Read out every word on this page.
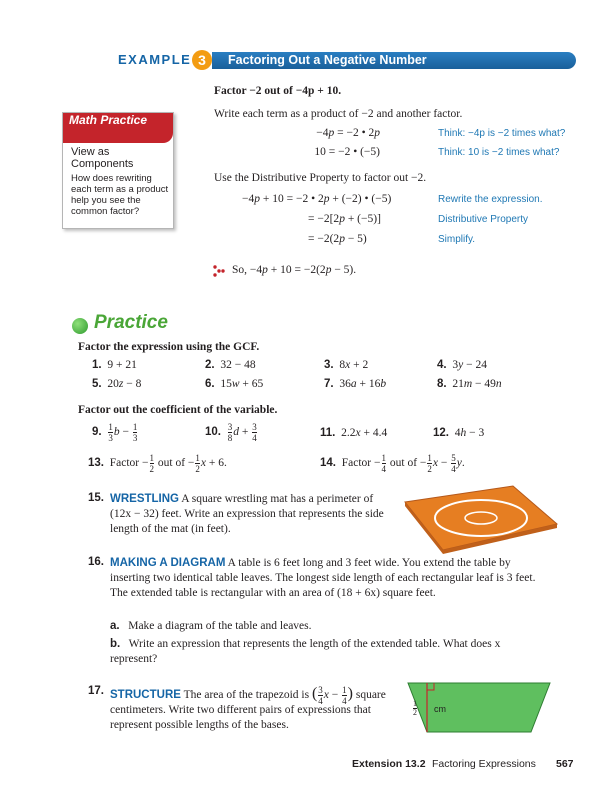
EXAMPLE 3	Factoring Out a Negative Number
Factor −2 out of −4p + 10.
Write each term as a product of −2 and another factor.
−4p = −2 • 2p	Think: −4p is −2 times what?
10 = −2 • (−5)	Think: 10 is −2 times what?
Use the Distributive Property to factor out −2.
−4p + 10 = −2 • 2p + (−2) • (−5)	Rewrite the expression.
= −2[2p + (−5)]	Distributive Property
= −2(2p − 5)	Simplify.
So, −4p + 10 = −2(2p − 5).
Math Practice
View as Components
How does rewriting each term as a product help you see the common factor?
Practice
Factor the expression using the GCF.
1. 9 + 21	2. 32 − 48	3.  8x + 2	4.  3y − 24
5.  20z − 8	6.  15w + 65	7.  36a + 16b	8.  21m − 49n
Factor out the coefficient of the variable.
9. $\frac{1}{3}$ $b - \frac{1}{3}$	10. $\frac{3}{8}$ $d + \frac{3}{4}$	11.  2.2x + 4.4	12.  4h − 3
13.  Factor − $\frac{1}{2}$ out of − $\frac{1}{2}$ x + 6.	14.  Factor − $\frac{1}{4}$ out of − $\frac{1}{2}$ $x - \frac{5}{4} y$.
15. WRESTLING A square wrestling mat has a perimeter of (12x − 32) feet. Write an expression that represents the side length of the mat (in feet).
16. MAKING A DIAGRAM A table is 6 feet long and 3 feet wide. You extend the table by inserting two identical table leaves. The longest side length of each rectangular leaf is 3 feet. The extended table is rectangular with an area of (18 + 6x) square feet.
a. Make a diagram of the table and leaves.
b. Write an expression that represents the length of the extended table. What does x represent?
17. STRUCTURE The area of the trapezoid is ( $\frac{3}{4}$ $x - \frac{1}{4}$ ) square
centimeters. Write two different pairs of expressions that
represent possible lengths of the bases.
1
2 cm
Extension 13.2 Factoring Expressions 567
